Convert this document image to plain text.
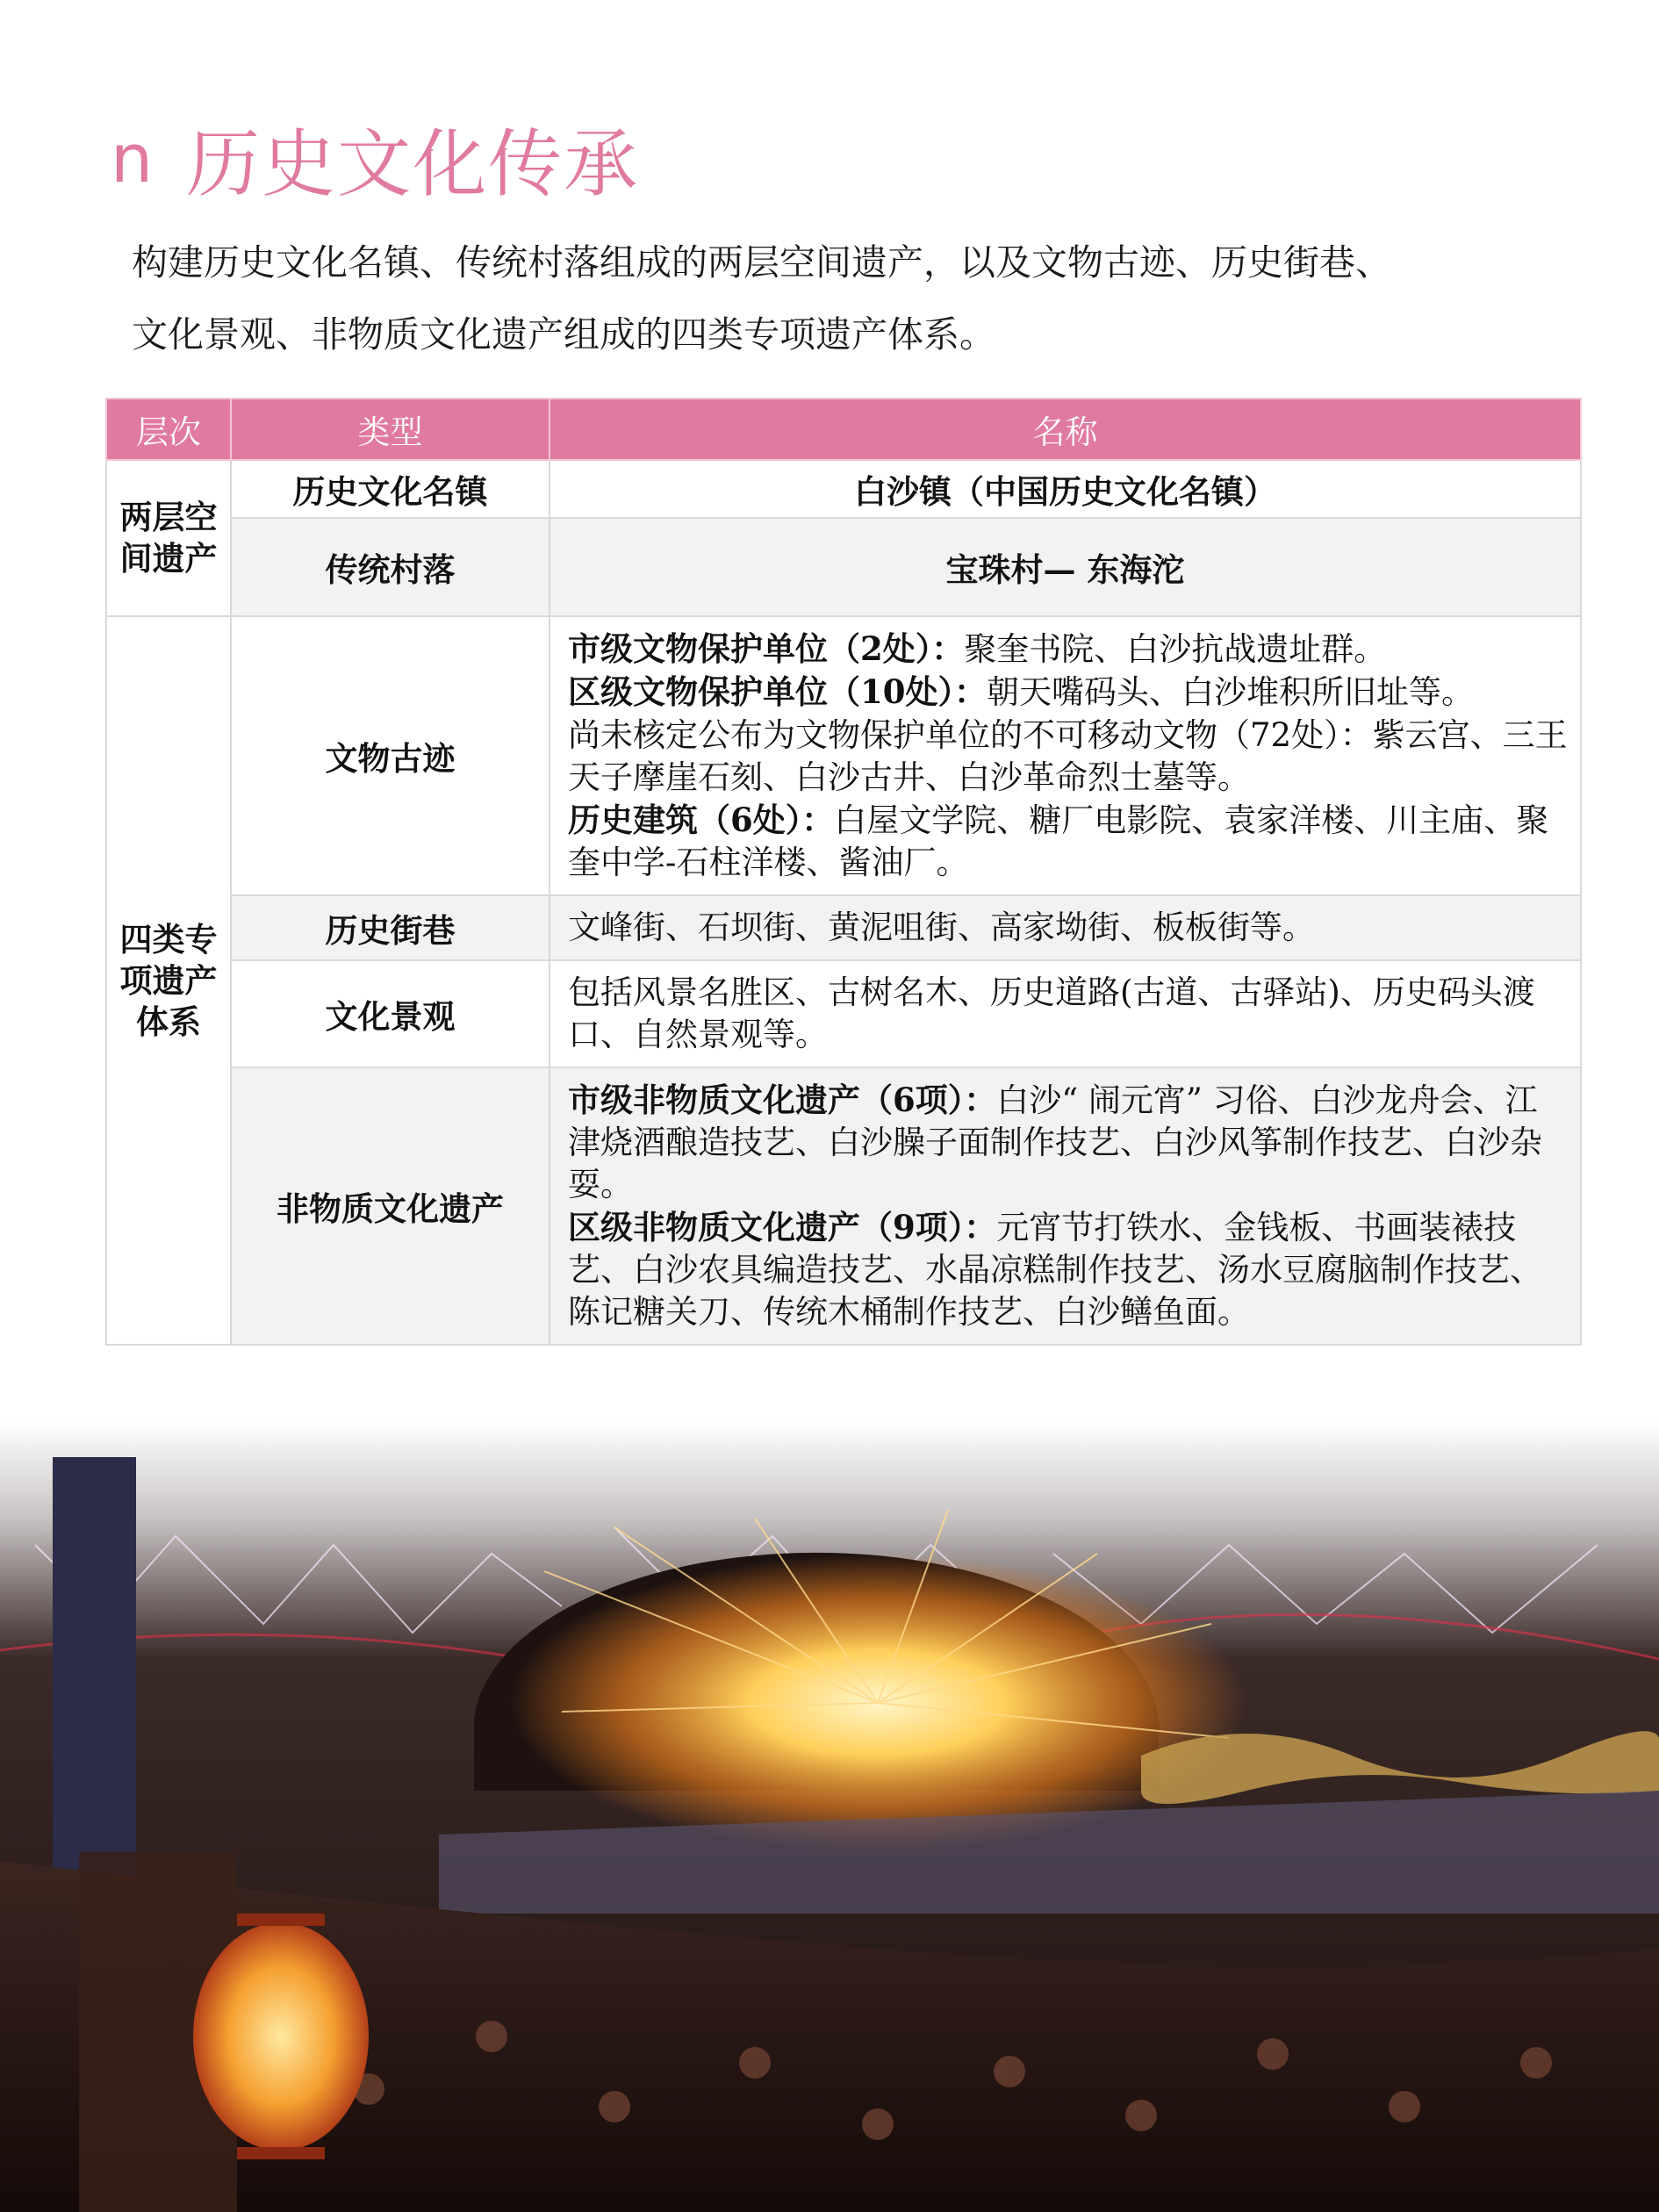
n 历史文化传承

构建历史文化名镇、传统村落组成的两层空间遗产，以及文物古迹、历史街巷、

文化景观、非物质文化遗产组成的四类专项遗产体系。

层次	类型	名称
两层空间遗产	历史文化名镇	白沙镇（中国历史文化名镇）
	传统村落	宝珠村— 东海沱
四类专项遗产体系	文物古迹	市级文物保护单位（2处）：聚奎书院、白沙抗战遗址群。
区级文物保护单位（10处）：朝天嘴码头、白沙堆积所旧址等。
尚未核定公布为文物保护单位的不可移动文物（72处）：紫云宫、三王天子摩崖石刻、白沙古井、白沙革命烈士墓等。
历史建筑（6处）：白屋文学院、糖厂电影院、袁家洋楼、川主庙、聚奎中学-石柱洋楼、酱油厂。

	历史街巷	文峰街、石坝街、黄泥咀街、高家坳街、板板街等。
	文化景观	包括风景名胜区、古树名木、历史道路(古道、古驿站)、历史码头渡口、自然景观等。
	非物质文化遗产	市级非物质文化遗产（6项）：白沙“ 闹元宵” 习俗、白沙龙舟会、江津烧酒酿造技艺、白沙臊子面制作技艺、白沙风筝制作技艺、白沙杂耍。
区级非物质文化遗产（9项）：元宵节打铁水、金钱板、书画装裱技艺、白沙农具编造技艺、水晶凉糕制作技艺、汤水豆腐脑制作技艺、陈记糖关刀、传统木桶制作技艺、白沙鳝鱼面。
